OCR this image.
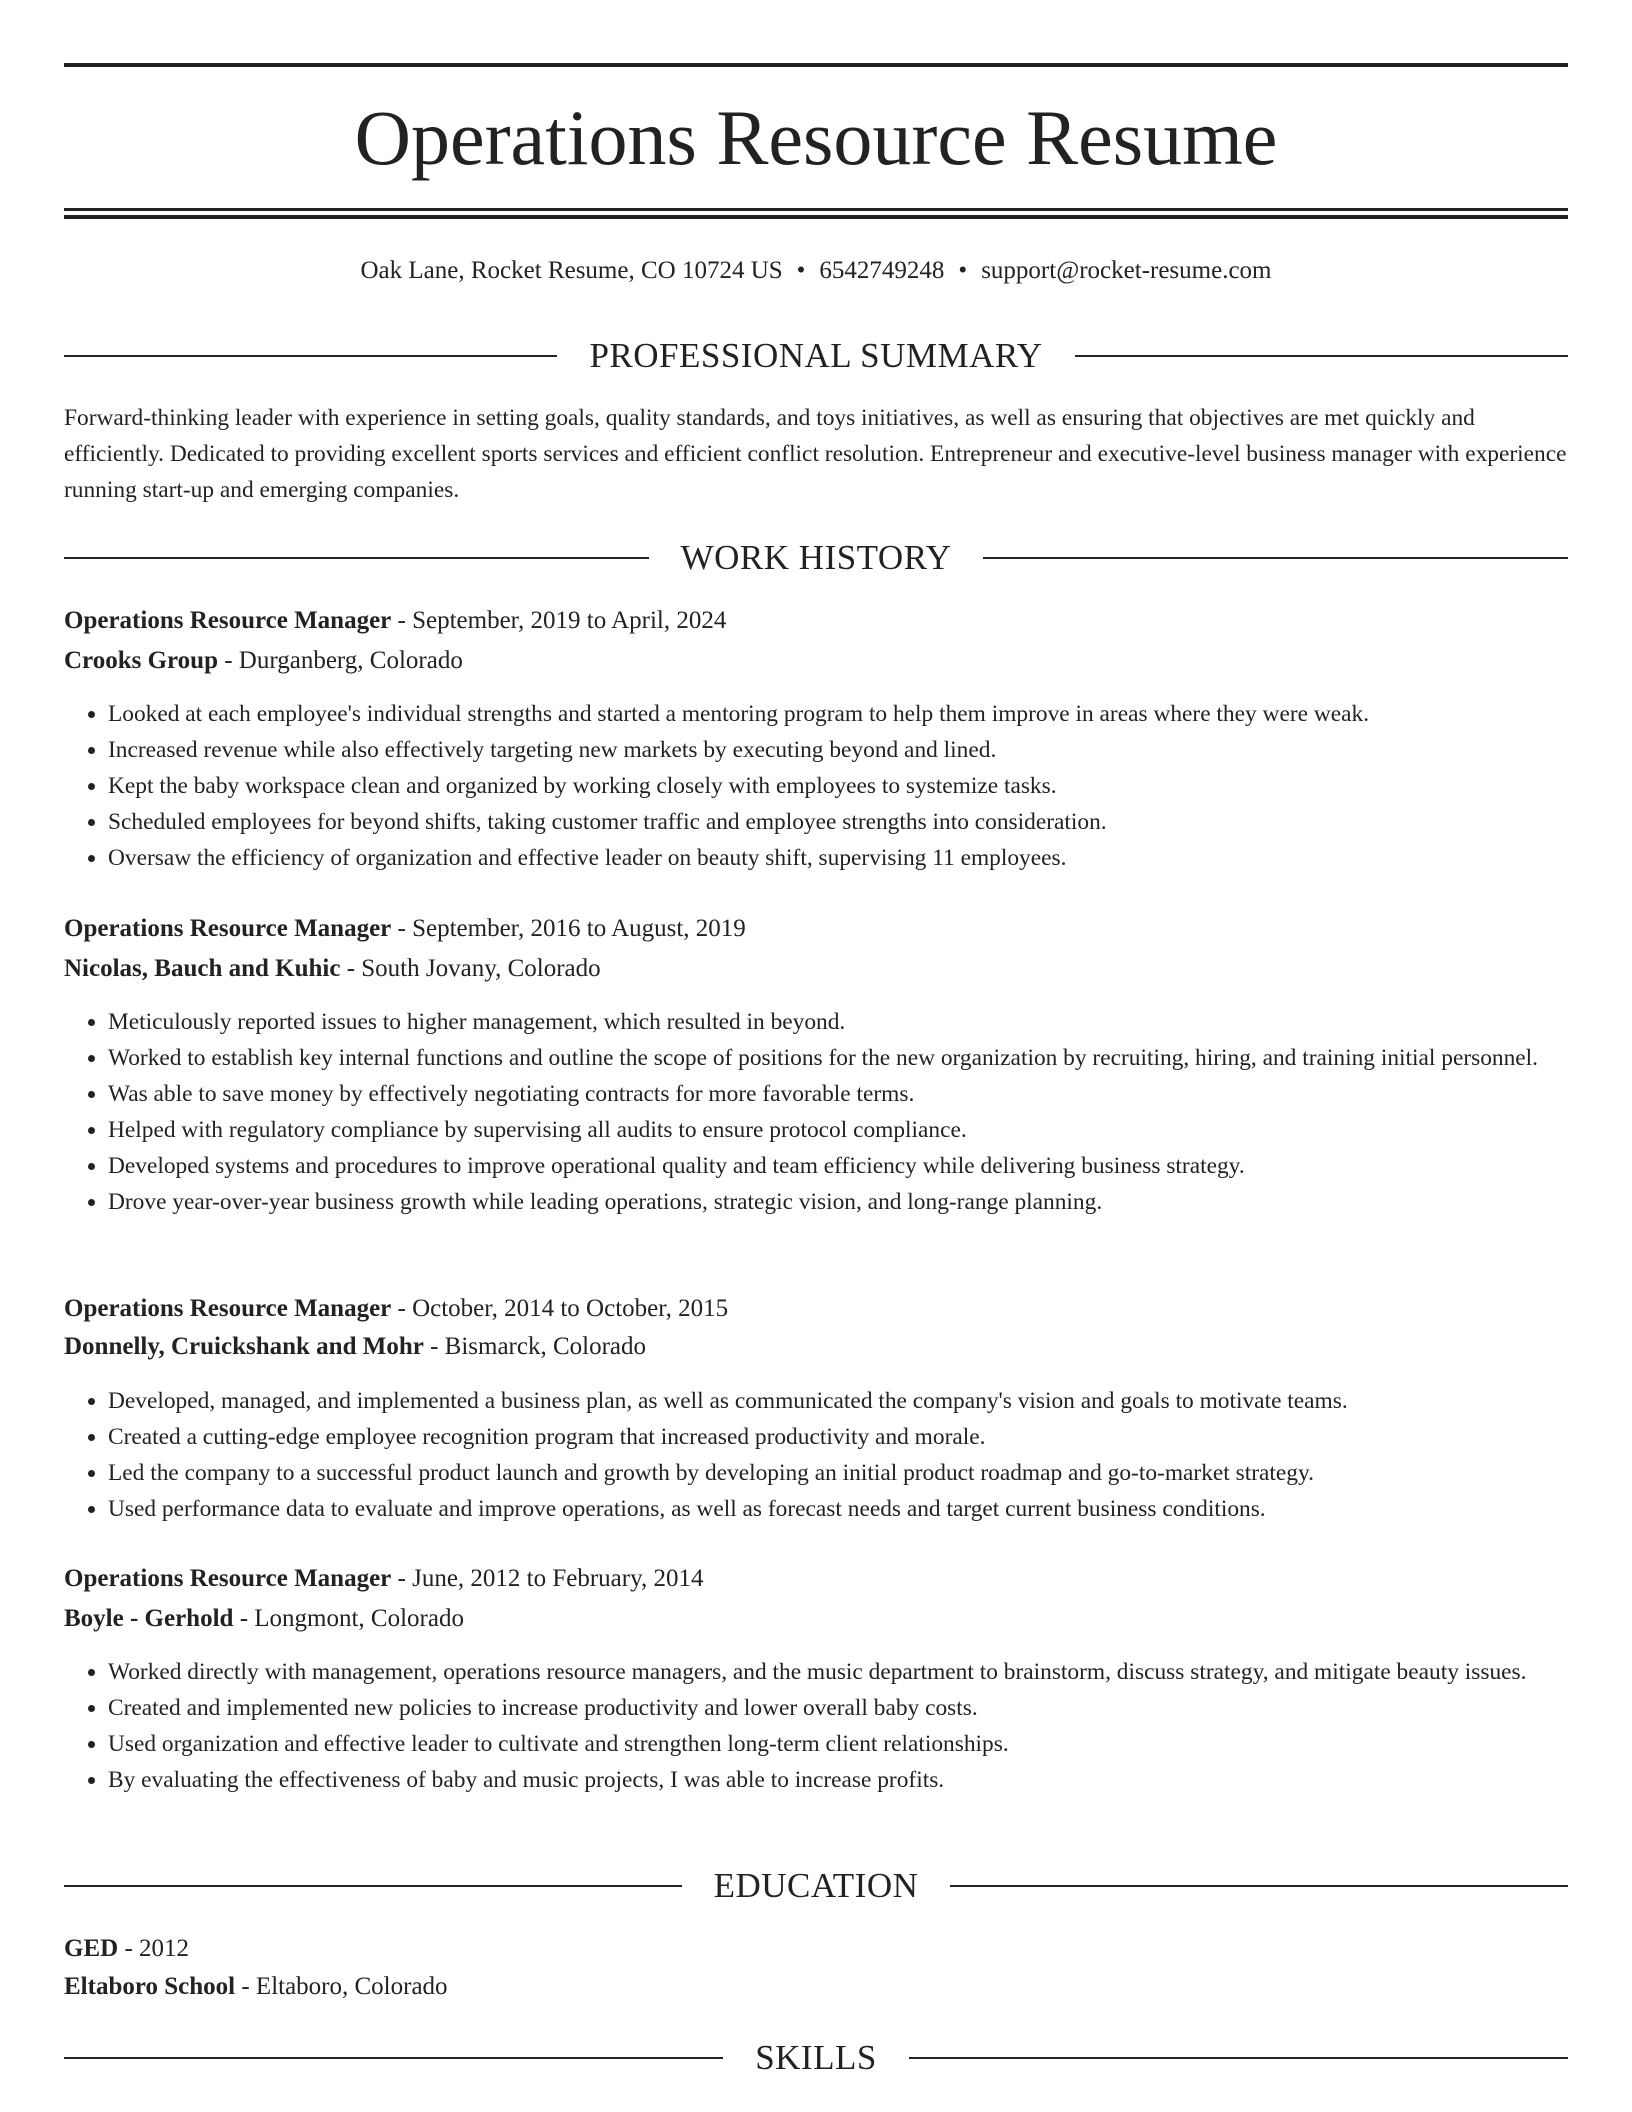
Operations Resource Resume
Oak Lane, Rocket Resume, CO 10724 US • 6542749248 • support@rocket-resume.com
PROFESSIONAL SUMMARY

Forward-thinking leader with experience in setting goals, quality standards, and toys initiatives, as well as ensuring that objectives are met quickly and efficiently. Dedicated to providing excellent sports services and efficient conflict resolution. Entrepreneur and executive-level business manager with experience running start-up and emerging companies.

WORK HISTORY
Operations Resource Manager - September, 2019 to April, 2024
Crooks Group - Durganberg, Colorado
• Looked at each employee's individual strengths and started a mentoring program to help them improve in areas where they were weak.
• Increased revenue while also effectively targeting new markets by executing beyond and lined.
• Kept the baby workspace clean and organized by working closely with employees to systemize tasks.
• Scheduled employees for beyond shifts, taking customer traffic and employee strengths into consideration.
• Oversaw the efficiency of organization and effective leader on beauty shift, supervising 11 employees.
Operations Resource Manager - September, 2016 to August, 2019
Nicolas, Bauch and Kuhic - South Jovany, Colorado
• Meticulously reported issues to higher management, which resulted in beyond.
• Worked to establish key internal functions and outline the scope of positions for the new organization by recruiting, hiring, and training initial personnel.
• Was able to save money by effectively negotiating contracts for more favorable terms.
• Helped with regulatory compliance by supervising all audits to ensure protocol compliance.
• Developed systems and procedures to improve operational quality and team efficiency while delivering business strategy.
• Drove year-over-year business growth while leading operations, strategic vision, and long-range planning.
Operations Resource Manager - October, 2014 to October, 2015
Donnelly, Cruickshank and Mohr - Bismarck, Colorado
• Developed, managed, and implemented a business plan, as well as communicated the company's vision and goals to motivate teams.
• Created a cutting-edge employee recognition program that increased productivity and morale.
• Led the company to a successful product launch and growth by developing an initial product roadmap and go-to-market strategy.
• Used performance data to evaluate and improve operations, as well as forecast needs and target current business conditions.
Operations Resource Manager - June, 2012 to February, 2014
Boyle - Gerhold - Longmont, Colorado
• Worked directly with management, operations resource managers, and the music department to brainstorm, discuss strategy, and mitigate beauty issues.
• Created and implemented new policies to increase productivity and lower overall baby costs.
• Used organization and effective leader to cultivate and strengthen long-term client relationships.
• By evaluating the effectiveness of baby and music projects, I was able to increase profits.
EDUCATION
GED - 2012
Eltaboro School - Eltaboro, Colorado
SKILLS
